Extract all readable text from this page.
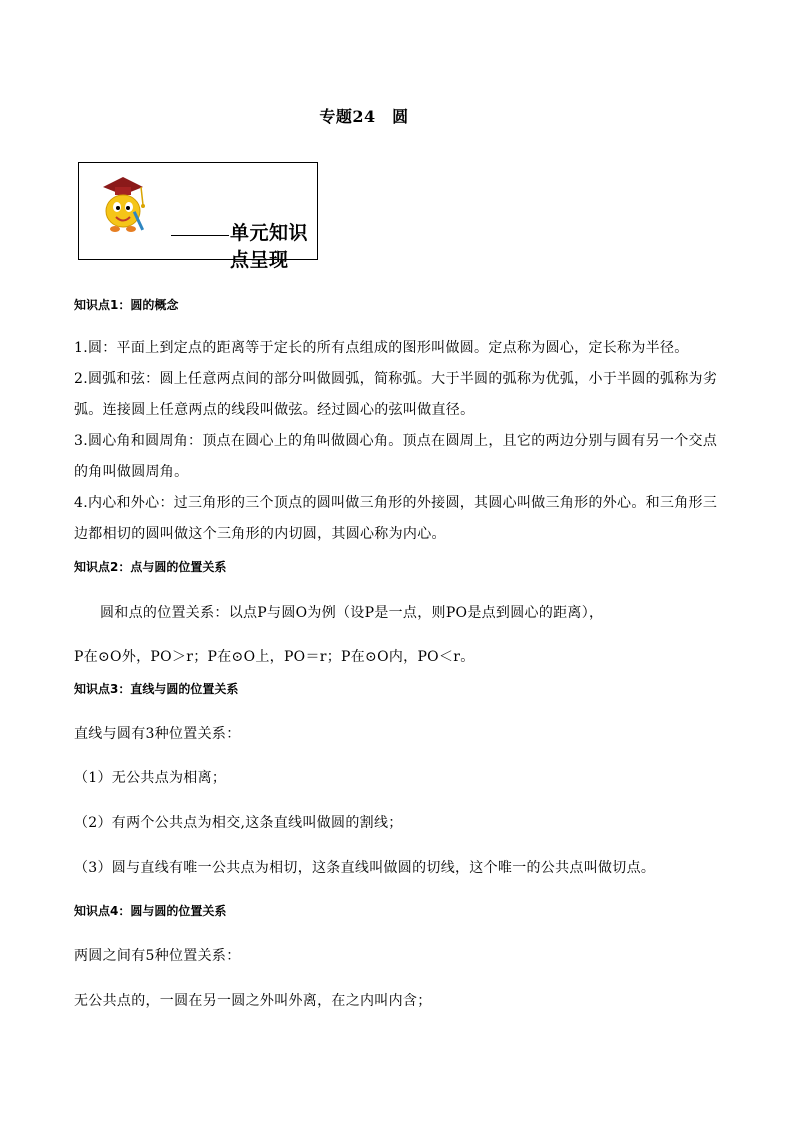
专题24　圆
单元知识点呈现
知识点1：圆的概念
1.圆：平面上到定点的距离等于定长的所有点组成的图形叫做圆。定点称为圆心，定长称为半径。
2.圆弧和弦：圆上任意两点间的部分叫做圆弧，简称弧。大于半圆的弧称为优弧，小于半圆的弧称为劣弧。连接圆上任意两点的线段叫做弦。经过圆心的弦叫做直径。
3.圆心角和圆周角：顶点在圆心上的角叫做圆心角。顶点在圆周上，且它的两边分别与圆有另一个交点的角叫做圆周角。
4.内心和外心：过三角形的三个顶点的圆叫做三角形的外接圆，其圆心叫做三角形的外心。和三角形三边都相切的圆叫做这个三角形的内切圆，其圆心称为内心。
知识点2：点与圆的位置关系
圆和点的位置关系：以点P与圆O为例（设P是一点，则PO是点到圆心的距离），
P在⊙O外，PO＞r；P在⊙O上，PO＝r；P在⊙O内，PO＜r。
知识点3：直线与圆的位置关系
直线与圆有3种位置关系：
（1）无公共点为相离；
（2）有两个公共点为相交,这条直线叫做圆的割线；
（3）圆与直线有唯一公共点为相切，这条直线叫做圆的切线，这个唯一的公共点叫做切点。
知识点4：圆与圆的位置关系
两圆之间有5种位置关系：
无公共点的，一圆在另一圆之外叫外离，在之内叫内含；
